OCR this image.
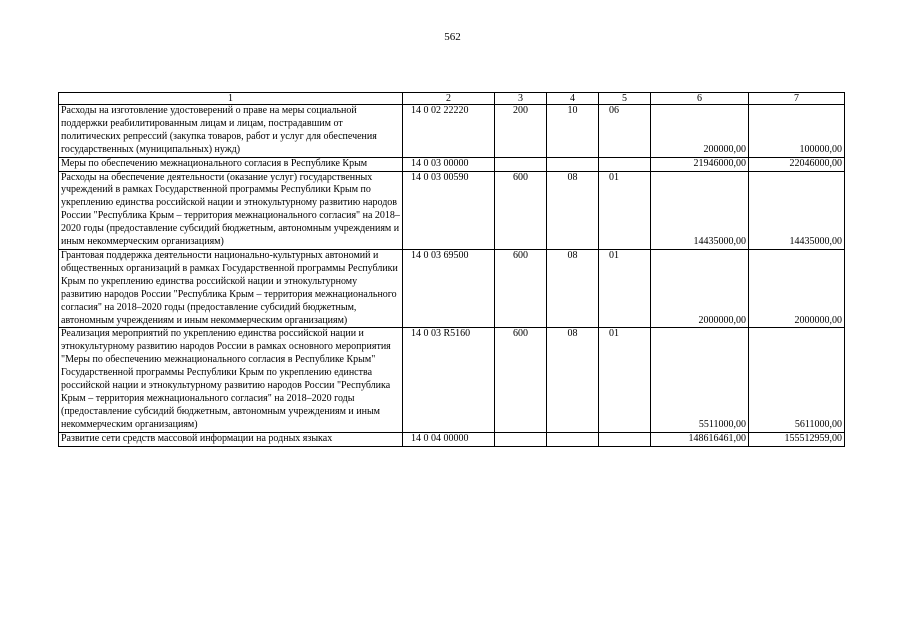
562
1	2	3	4	5	6	7
Расходы на изготовление удостоверений о праве на меры социальной поддержки реабилитированным лицам и лицам, пострадавшим от политических репрессий (закупка товаров, работ и услуг для обеспечения государственных (муниципальных) нужд)	14 0 02 22220	200	10	06	200000,00	100000,00
Меры по обеспечению межнационального согласия в Республике Крым	14 0 03 00000				21946000,00	22046000,00
Расходы на обеспечение деятельности (оказание услуг) государственных учреждений в рамках Государственной программы Республики Крым по укреплению единства российской нации и этнокультурному развитию народов России "Республика Крым – территория межнационального согласия" на 2018–2020 годы (предоставление субсидий бюджетным, автономным учреждениям и иным некоммерческим организациям)	14 0 03 00590	600	08	01	14435000,00	14435000,00
Грантовая поддержка деятельности национально-культурных автономий и общественных организаций в рамках Государственной программы Республики Крым по укреплению единства российской нации и этнокультурному развитию народов России "Республика Крым – территория межнационального согласия" на 2018–2020 годы (предоставление субсидий бюджетным, автономным учреждениям и иным некоммерческим организациям)	14 0 03 69500	600	08	01	2000000,00	2000000,00
Реализация мероприятий по укреплению единства российской нации и этнокультурному развитию народов России в рамках основного мероприятия "Меры по обеспечению межнационального согласия в Республике Крым" Государственной программы Республики Крым по укреплению единства российской нации и этнокультурному развитию народов России "Республика Крым – территория межнационального согласия" на 2018–2020 годы (предоставление субсидий бюджетным, автономным учреждениям и иным некоммерческим организациям)	14 0 03 R5160	600	08	01	5511000,00	5611000,00
Развитие сети средств массовой информации на родных языках	14 0 04 00000				148616461,00	155512959,00
